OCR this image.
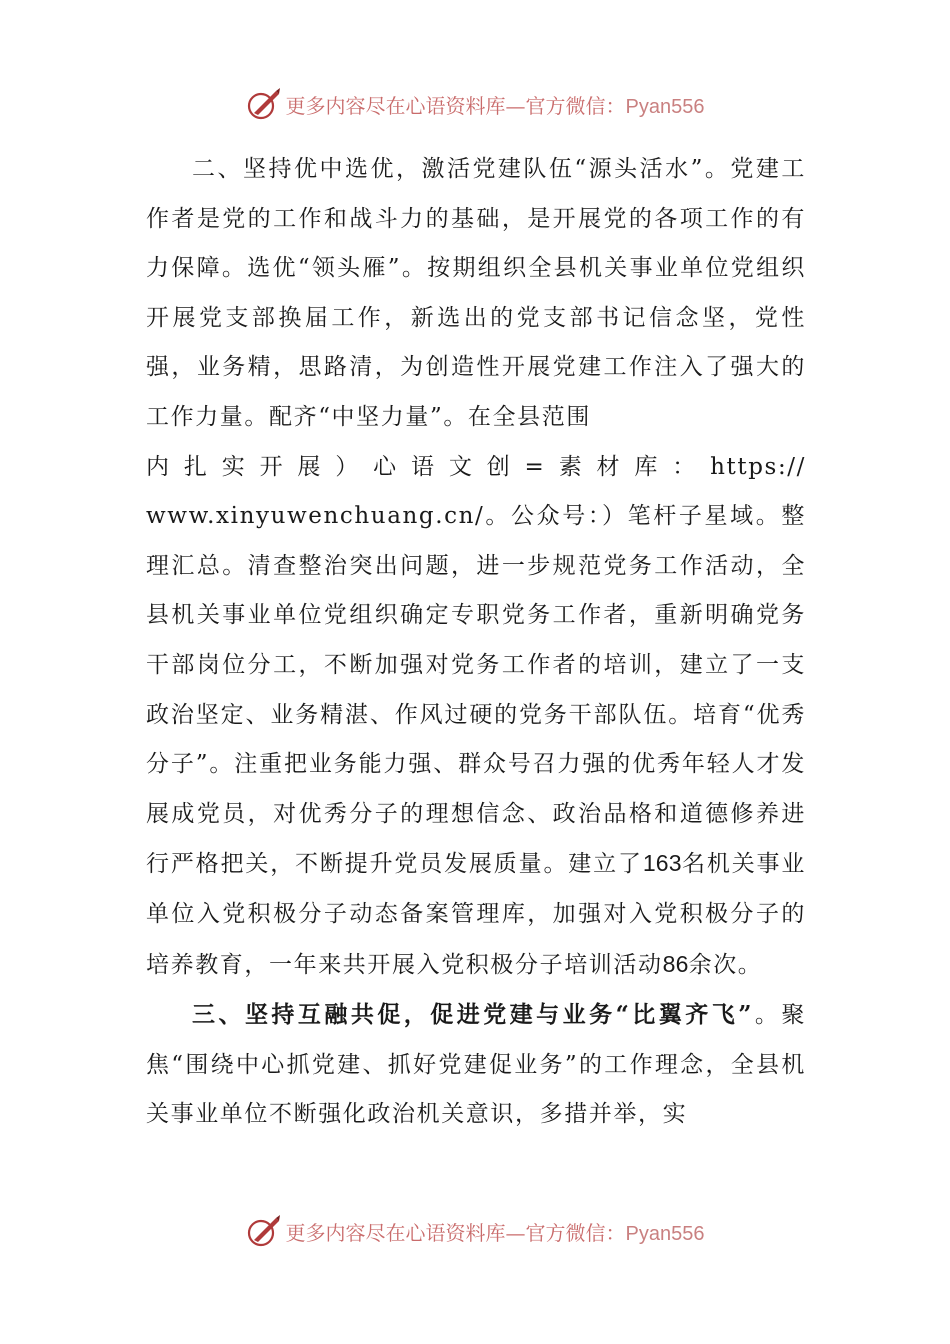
更多内容尽在心语资料库—官方微信：Pyan556

二、坚持优中选优，激活党建队伍“源头活水”。党建工作者是党的工作和战斗力的基础，是开展党的各项工作的有力保障。选优“领头雁”。按期组织全县机关事业单位党组织开展党支部换届工作，新选出的党支部书记信念坚，党性强，业务精，思路清，为创造性开展党建工作注入了强大的工作力量。配齐“中坚力量”。在全县范围
内扎实开展）心语文创=素材库：https://
www.xinyuwenchuang.cn/。公众号：）笔杆子星域。整理汇总。清查整治突出问题，进一步规范党务工作活动，全县机关事业单位党组织确定专职党务工作者，重新明确党务干部岗位分工，不断加强对党务工作者的培训，建立了一支政治坚定、业务精湛、作风过硬的党务干部队伍。培育“优秀分子”。注重把业务能力强、群众号召力强的优秀年轻人才发展成党员，对优秀分子的理想信念、政治品格和道德修养进行严格把关，不断提升党员发展质量。建立了163名机关事业单位入党积极分子动态备案管理库，加强对入党积极分子的培养教育，一年来共开展入党积极分子培训活动86余次。

三、坚持互融共促，促进党建与业务“比翼齐飞”。聚焦“围绕中心抓党建、抓好党建促业务”的工作理念，全县机关事业单位不断强化政治机关意识，多措并举，实

更多内容尽在心语资料库—官方微信：Pyan556
